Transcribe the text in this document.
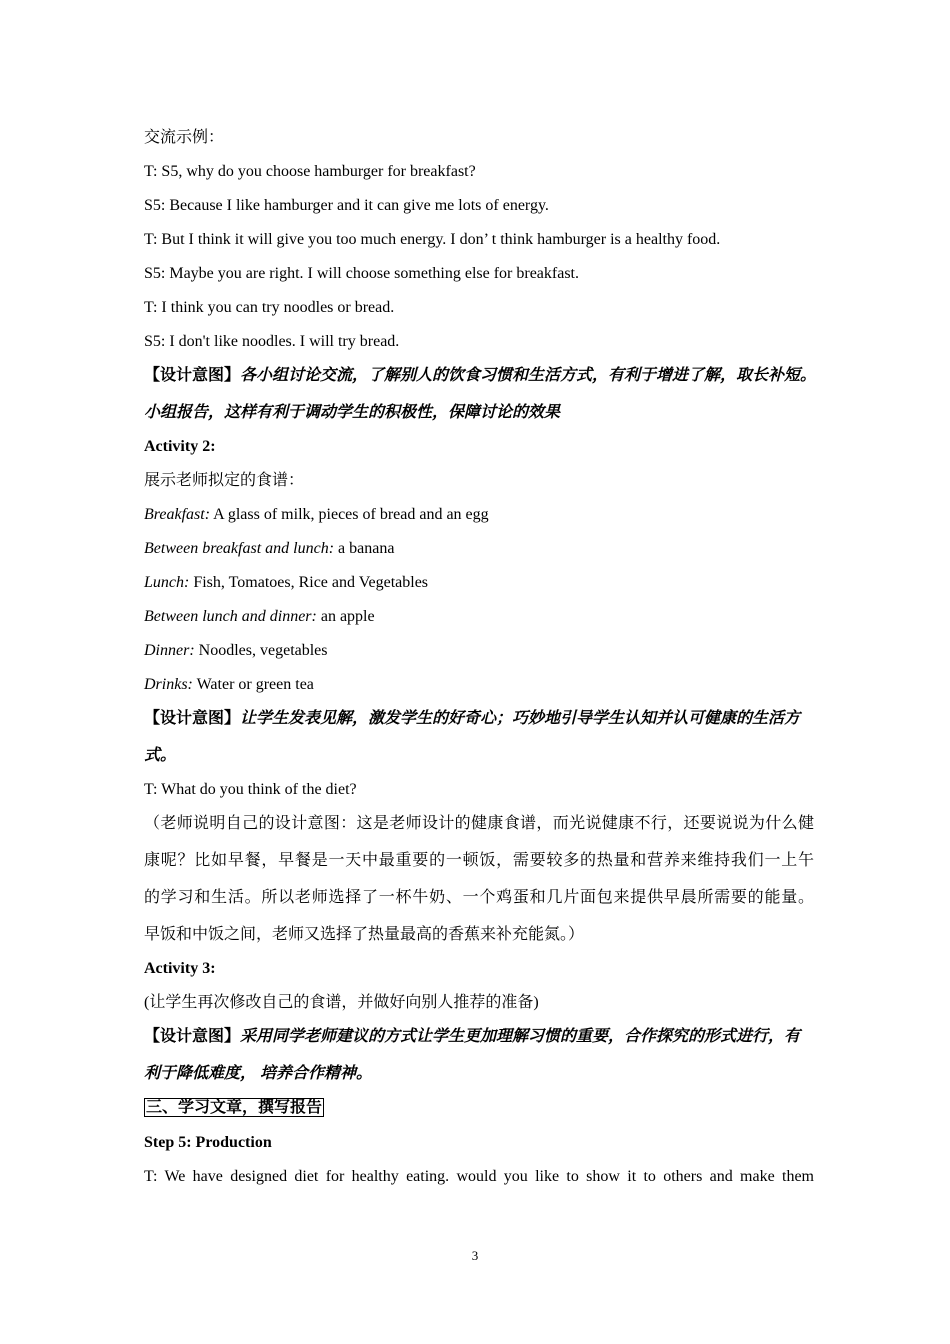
交流示例：
T: S5, why do you choose hamburger for breakfast?
S5: Because I like hamburger and it can give me lots of energy.
T: But I think it will give you too much energy. I don’ t think hamburger is a healthy food.
S5: Maybe you are right. I will choose something else for breakfast.
T: I think you can try noodles or bread.
S5: I don't like noodles. I will try bread.
【设计意图】各小组讨论交流，了解别人的饮食习惯和生活方式，有利于增进了解，取长补短。
小组报告，这样有利于调动学生的积极性，保障讨论的效果
Activity 2:
展示老师拟定的食谱：
Breakfast: A glass of milk, pieces of bread and an egg
Between breakfast and lunch: a banana
Lunch: Fish, Tomatoes, Rice and Vegetables
Between lunch and dinner: an apple
Dinner: Noodles, vegetables
Drinks: Water or green tea
【设计意图】让学生发表见解，激发学生的好奇心；巧妙地引导学生认知并认可健康的生活方
式。
T: What do you think of the diet?
（老师说明自己的设计意图：这是老师设计的健康食谱，而光说健康不行，还要说说为什么健
康呢？比如早餐，早餐是一天中最重要的一顿饭，需要较多的热量和营养来维持我们一上午
的学习和生活。所以老师选择了一杯牛奶、一个鸡蛋和几片面包来提供早晨所需要的能量。
早饭和中饭之间，老师又选择了热量最高的香蕉来补充能氮。）
Activity 3:
(让学生再次修改自己的食谱，并做好向别人推荐的准备)
【设计意图】采用同学老师建议的方式让学生更加理解习惯的重要，合作探究的形式进行，有
利于降低难度， 培养合作精神。
三、学习文章，撰写报告
Step 5: Production
T: We have designed diet for healthy eating. would you like to show it to others and make them
3
